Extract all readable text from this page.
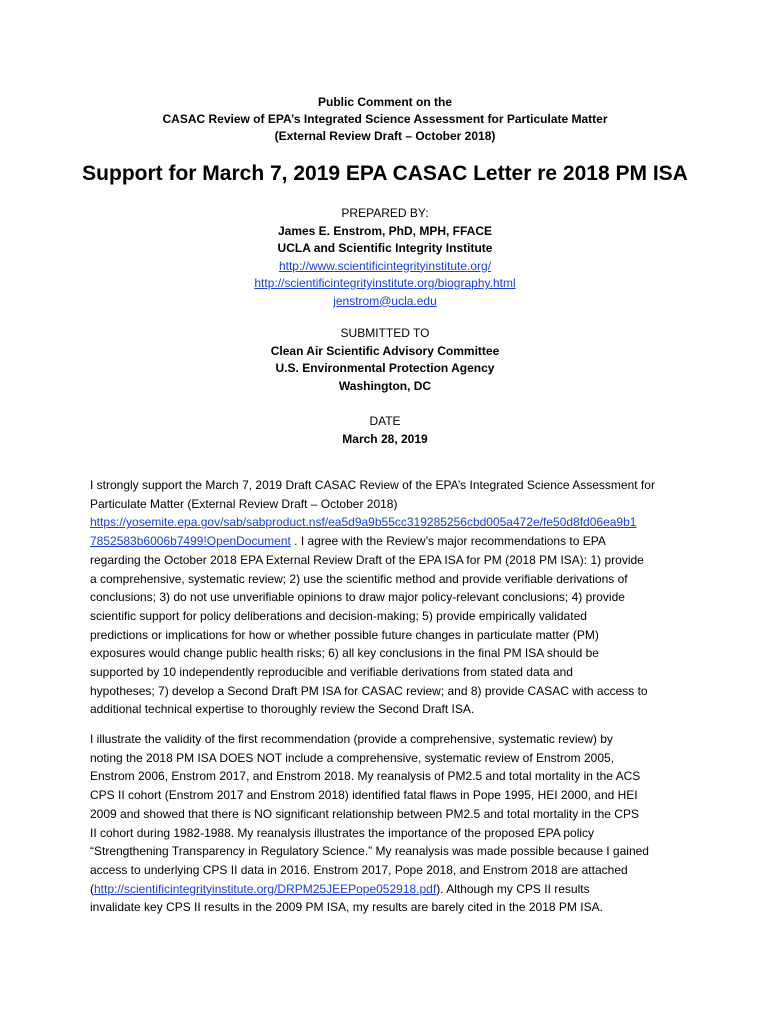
Public Comment on the
CASAC Review of EPA’s Integrated Science Assessment for Particulate Matter
(External Review Draft – October 2018)
Support for March 7, 2019 EPA CASAC Letter re 2018 PM ISA
PREPARED BY:
James E. Enstrom, PhD, MPH, FFACE
UCLA and Scientific Integrity Institute
http://www.scientificintegrityinstitute.org/
http://scientificintegrityinstitute.org/biography.html
jenstrom@ucla.edu
SUBMITTED TO
Clean Air Scientific Advisory Committee
U.S. Environmental Protection Agency
Washington, DC
DATE
March 28, 2019
I strongly support the March 7, 2019 Draft CASAC Review of the EPA’s Integrated Science Assessment for
Particulate Matter (External Review Draft – October 2018)
https://yosemite.epa.gov/sab/sabproduct.nsf/ea5d9a9b55cc319285256cbd005a472e/fe50d8fd06ea9b1
7852583b6006b7499!OpenDocument . I agree with the Review’s major recommendations to EPA
regarding the October 2018 EPA External Review Draft of the EPA ISA for PM (2018 PM ISA): 1) provide
a comprehensive, systematic review; 2) use the scientific method and provide verifiable derivations of
conclusions; 3) do not use unverifiable opinions to draw major policy-relevant conclusions; 4) provide
scientific support for policy deliberations and decision-making; 5) provide empirically validated
predictions or implications for how or whether possible future changes in particulate matter (PM)
exposures would change public health risks; 6) all key conclusions in the final PM ISA should be
supported by 10 independently reproducible and verifiable derivations from stated data and
hypotheses; 7) develop a Second Draft PM ISA for CASAC review; and 8) provide CASAC with access to
additional technical expertise to thoroughly review the Second Draft ISA.
I illustrate the validity of the first recommendation (provide a comprehensive, systematic review) by
noting the 2018 PM ISA DOES NOT include a comprehensive, systematic review of Enstrom 2005,
Enstrom 2006, Enstrom 2017, and Enstrom 2018. My reanalysis of PM2.5 and total mortality in the ACS
CPS II cohort (Enstrom 2017 and Enstrom 2018) identified fatal flaws in Pope 1995, HEI 2000, and HEI
2009 and showed that there is NO significant relationship between PM2.5 and total mortality in the CPS
II cohort during 1982-1988. My reanalysis illustrates the importance of the proposed EPA policy
“Strengthening Transparency in Regulatory Science.” My reanalysis was made possible because I gained
access to underlying CPS II data in 2016. Enstrom 2017, Pope 2018, and Enstrom 2018 are attached
(http://scientificintegrityinstitute.org/DRPM25JEEPope052918.pdf). Although my CPS II results
invalidate key CPS II results in the 2009 PM ISA, my results are barely cited in the 2018 PM ISA.
